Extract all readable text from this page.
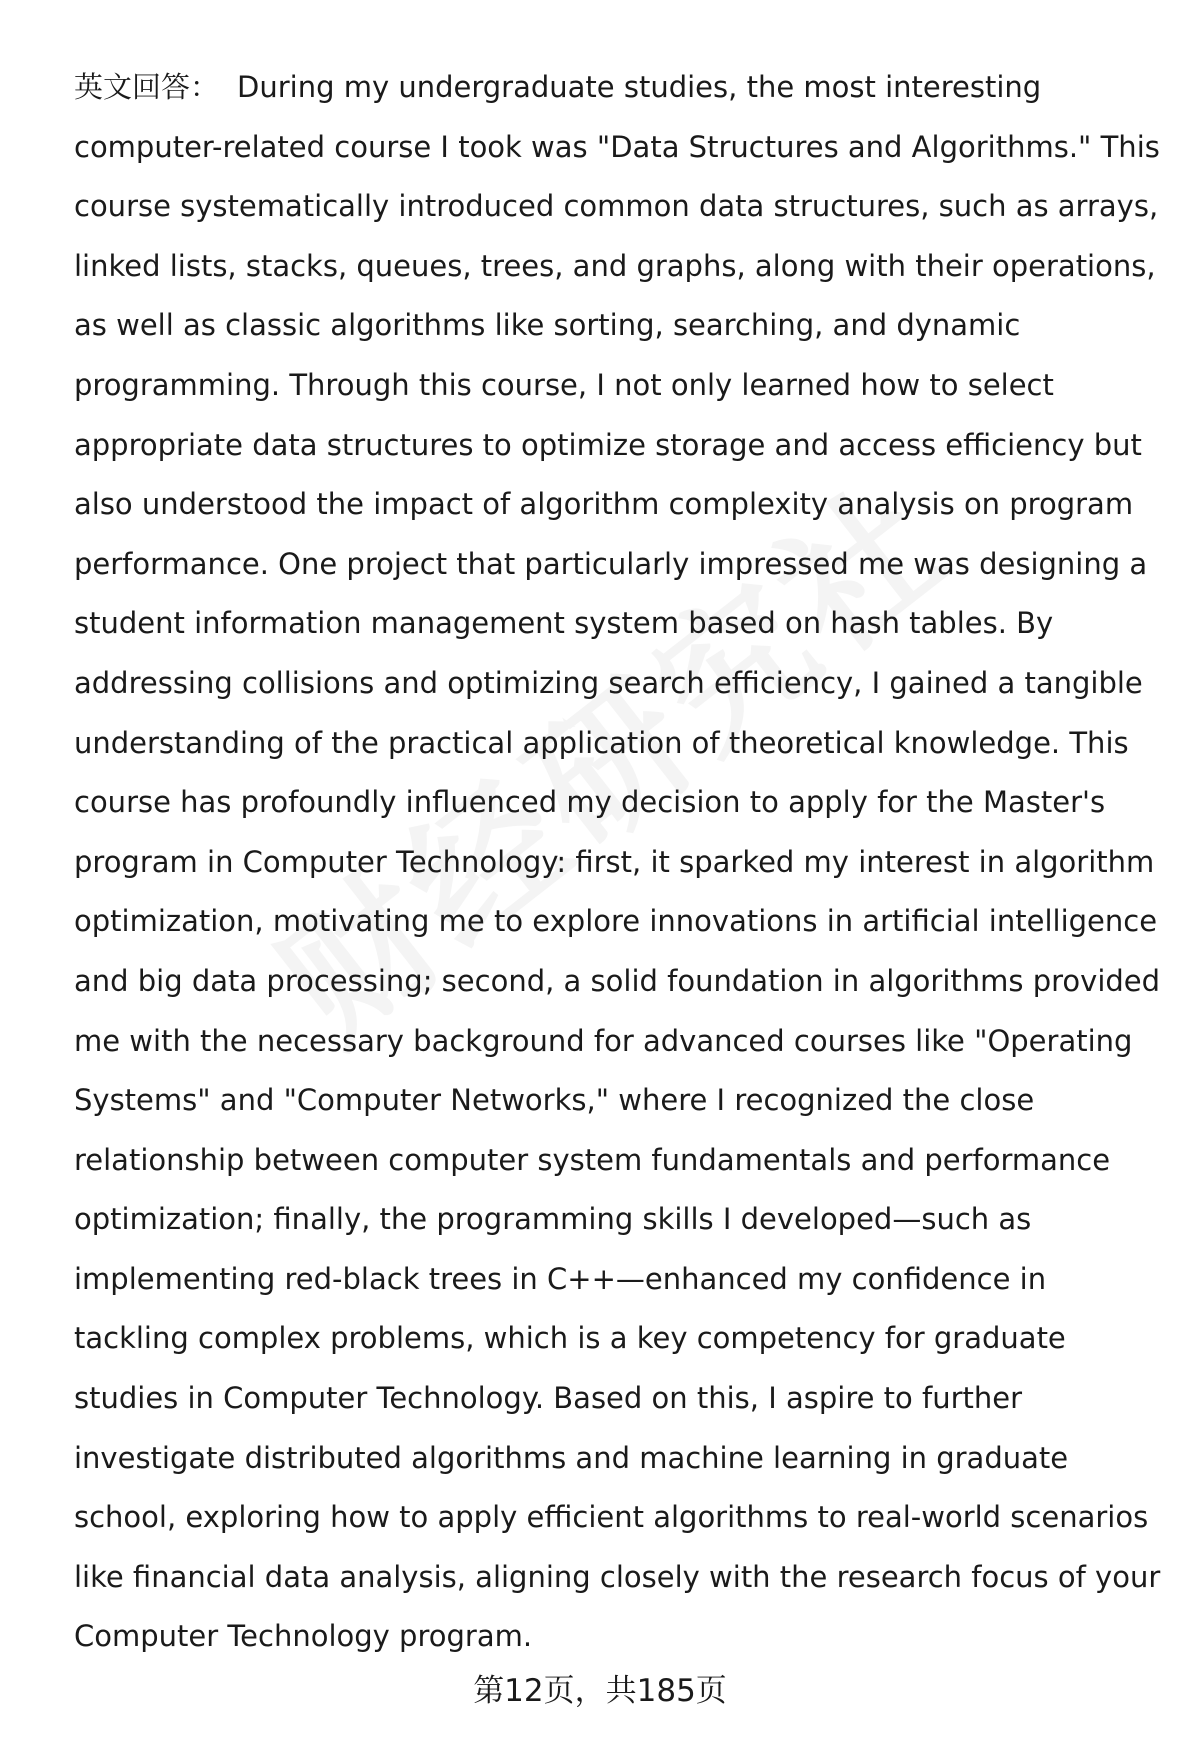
英文回答： During my undergraduate studies, the most interesting computer-related course I took was "Data Structures and Algorithms." This course systematically introduced common data structures, such as arrays, linked lists, stacks, queues, trees, and graphs, along with their operations, as well as classic algorithms like sorting, searching, and dynamic programming. Through this course, I not only learned how to select appropriate data structures to optimize storage and access efficiency but also understood the impact of algorithm complexity analysis on program performance. One project that particularly impressed me was designing a student information management system based on hash tables. By addressing collisions and optimizing search efficiency, I gained a tangible understanding of the practical application of theoretical knowledge. This course has profoundly influenced my decision to apply for the Master's program in Computer Technology: first, it sparked my interest in algorithm optimization, motivating me to explore innovations in artificial intelligence and big data processing; second, a solid foundation in algorithms provided me with the necessary background for advanced courses like "Operating Systems" and "Computer Networks," where I recognized the close relationship between computer system fundamentals and performance optimization; finally, the programming skills I developed—such as implementing red-black trees in C++—enhanced my confidence in tackling complex problems, which is a key competency for graduate studies in Computer Technology. Based on this, I aspire to further investigate distributed algorithms and machine learning in graduate school, exploring how to apply efficient algorithms to real-world scenarios like financial data analysis, aligning closely with the research focus of your Computer Technology program.

第12页，共185页
